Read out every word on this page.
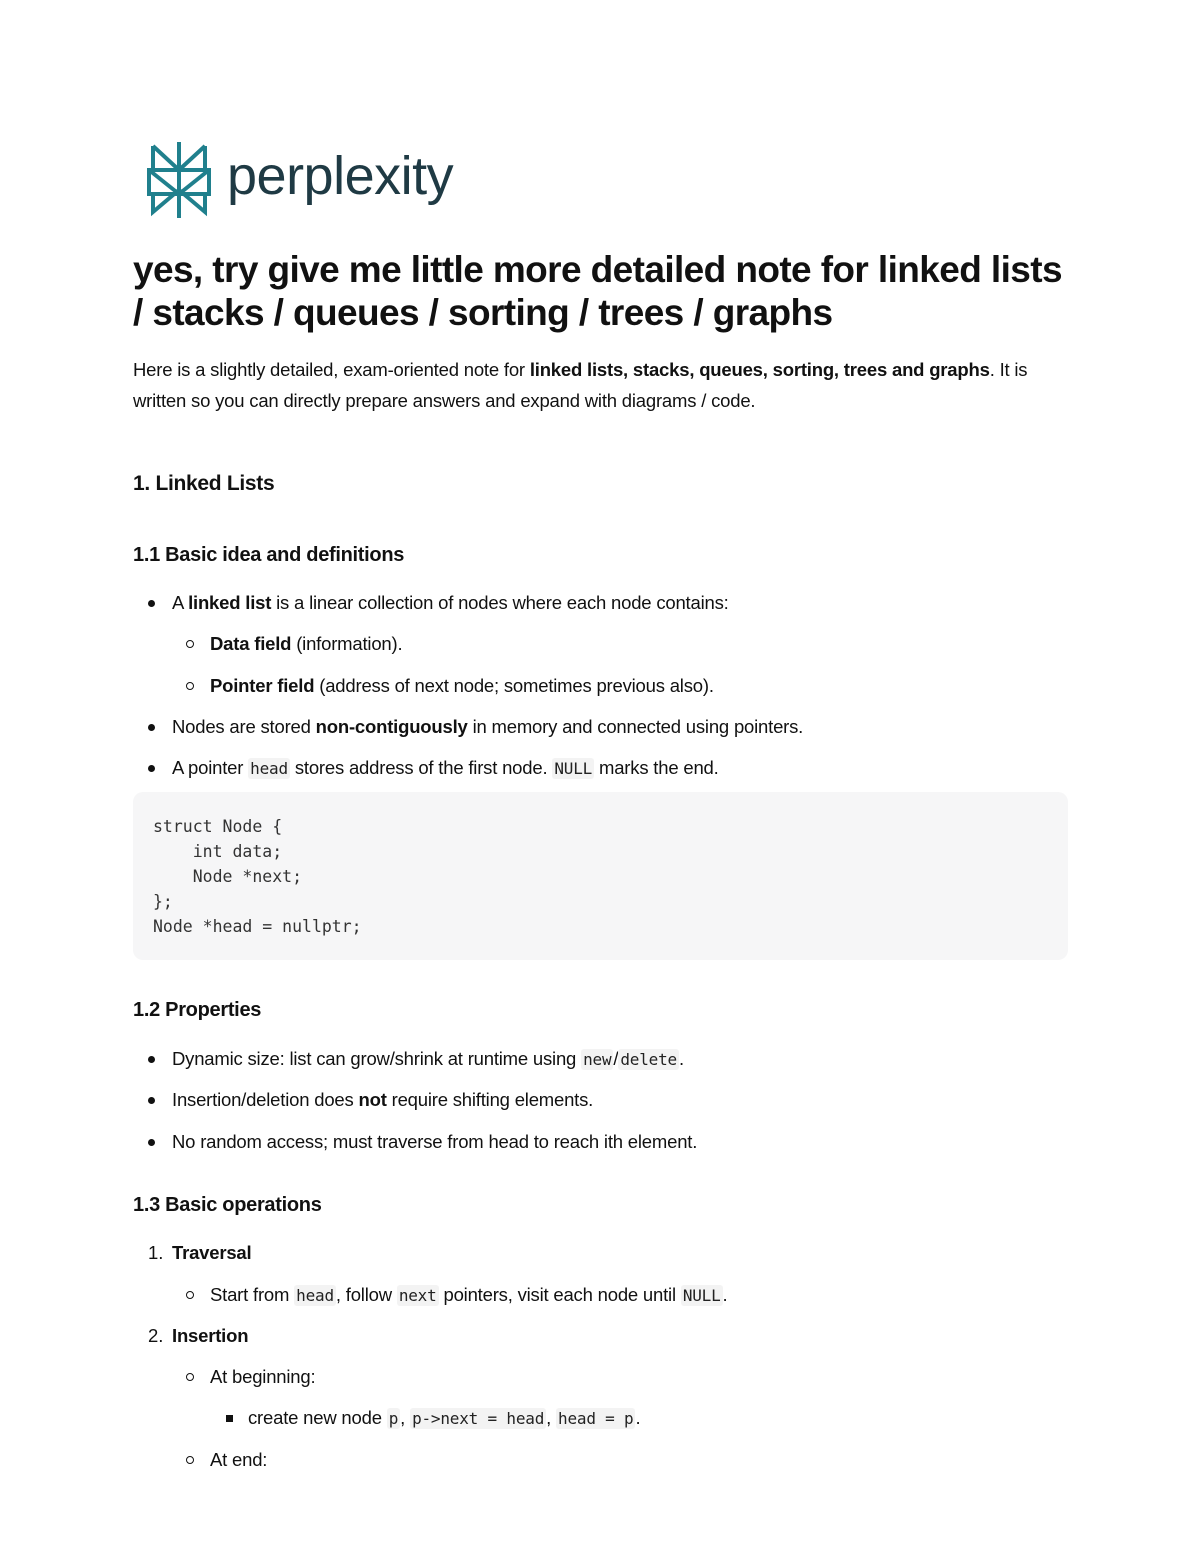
perplexity
yes, try give me little more detailed note for linked lists / stacks / queues / sorting / trees / graphs

Here is a slightly detailed, exam-oriented note for linked lists, stacks, queues, sorting, trees and graphs. It is written so you can directly prepare answers and expand with diagrams / code.

1. Linked Lists
1.1 Basic idea and definitions

A linked list is a linear collection of nodes where each node contains:

Data field (information).

Pointer field (address of next node; sometimes previous also).

Nodes are stored non-contiguously in memory and connected using pointers.

A pointer head stores address of the first node. NULL marks the end.

struct Node {
int data;
Node *next;
};
Node *head = nullptr;
1.2 Properties

Dynamic size: list can grow/shrink at runtime using new / delete .

Insertion/deletion does not require shifting elements.

No random access; must traverse from head to reach ith element.

1.3 Basic operations
1. Traversal

Start from head , follow next pointers, visit each node until NULL .

2. Insertion

At beginning:

create new node p , p->next = head , head = p .

At end:
